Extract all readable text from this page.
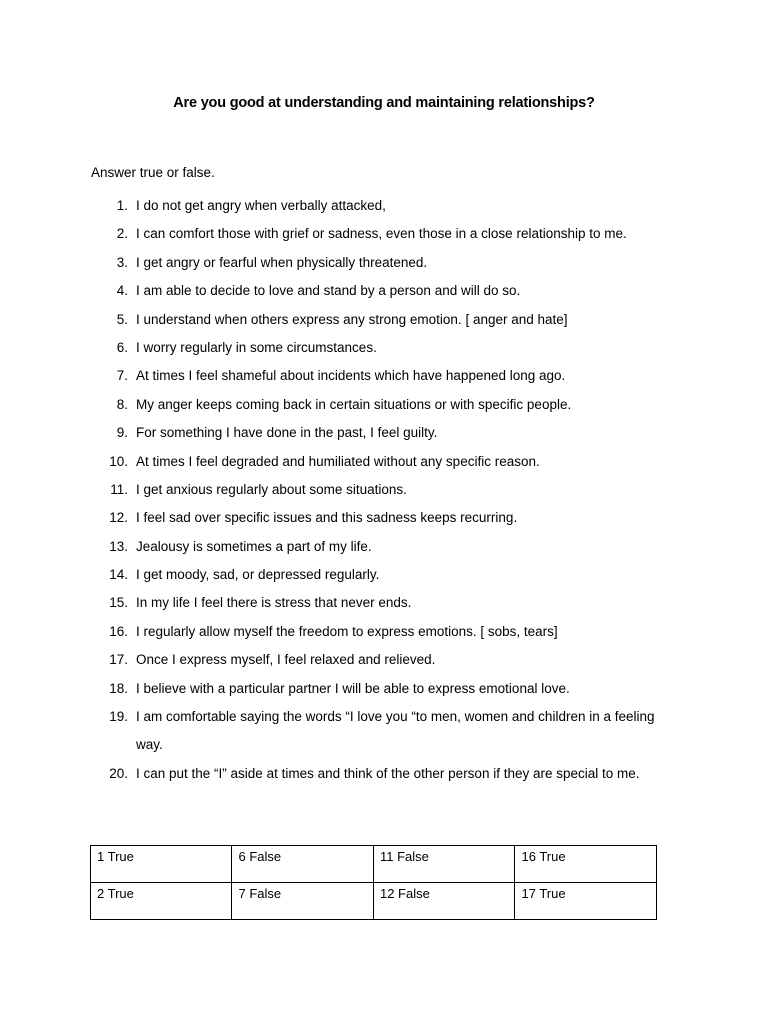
Are you good at understanding and maintaining relationships?
Answer true or false.
1. I do not get angry when verbally attacked,
2. I can comfort those with grief or sadness, even those in a close relationship to me.
3. I get angry or fearful when physically threatened.
4. I am able to decide to love and stand by a person and will do so.
5. I understand when others express any strong emotion. [ anger and hate]
6. I worry regularly in some circumstances.
7. At times I feel shameful about incidents which have happened long ago.
8. My anger keeps coming back in certain situations or with specific people.
9. For something I have done in the past, I feel guilty.
10. At times I feel degraded and humiliated without any specific reason.
11. I get anxious regularly about some situations.
12. I feel sad over specific issues and this sadness keeps recurring.
13. Jealousy is sometimes a part of my life.
14. I get moody, sad, or depressed regularly.
15. In my life I feel there is stress that never ends.
16. I regularly allow myself the freedom to express emotions. [ sobs, tears]
17. Once I express myself, I feel relaxed and relieved.
18. I believe with a particular partner I will be able to express emotional love.
19. I am comfortable saying the words “I love you “to men, women and children in a feeling way.
20. I can put the “I” aside at times and think of the other person if they are special to me.
1 True	6 False	11 False	16 True
2 True	7 False	12 False	17 True
